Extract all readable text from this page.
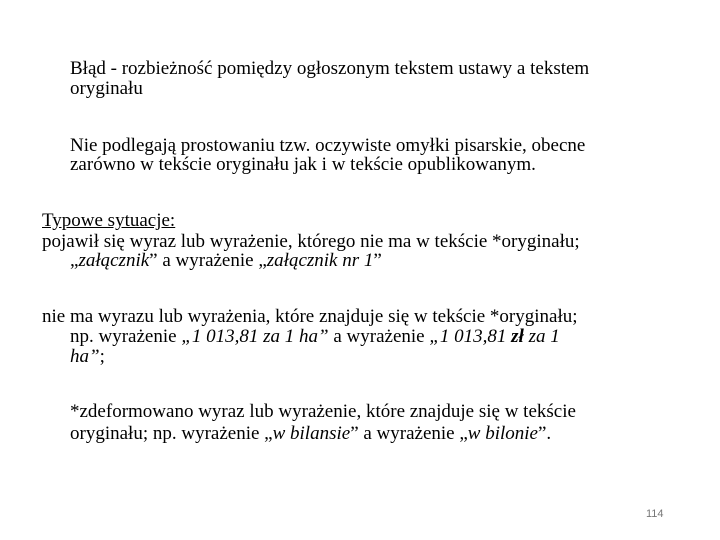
Błąd - rozbieżność pomiędzy ogłoszonym tekstem ustawy a tekstem

oryginału

Nie podlegają prostowaniu tzw. oczywiste omyłki pisarskie, obecne

zarówno w tekście oryginału jak i w tekście opublikowanym.

Typowe sytuacje:

pojawił się wyraz lub wyrażenie, którego nie ma w tekście *oryginału;

„załącznik” a wyrażenie „załącznik nr 1”

nie ma wyrazu lub wyrażenia, które znajduje się w tekście *oryginału;

np. wyrażenie „1 013,81 za 1 ha” a wyrażenie „1 013,81 zł za 1

ha”;

*zdeformowano wyraz lub wyrażenie, które znajduje się w tekście

oryginału; np. wyrażenie „w bilansie” a wyrażenie „w bilonie”.

114
